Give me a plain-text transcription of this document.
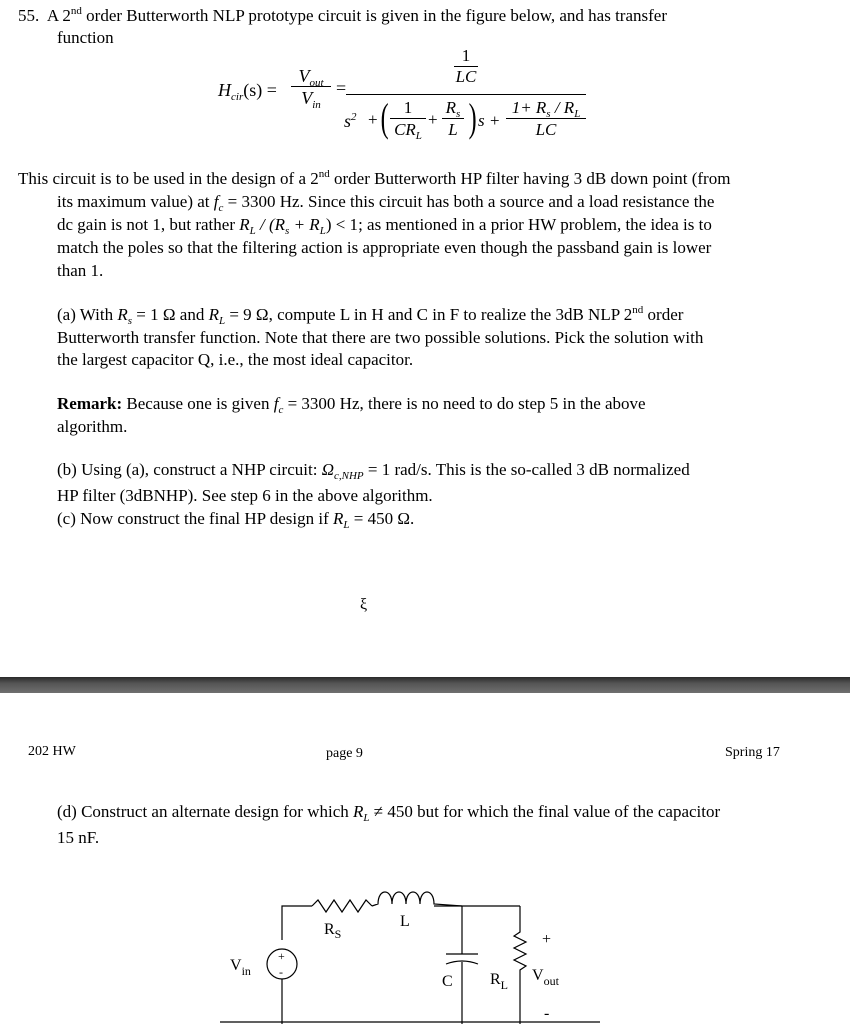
55. A 2nd order Butterworth NLP prototype circuit is given in the figure below, and has transfer
function
$H_{cir}(s)$ =
$V_{out}$
$V_{in}$
=
1
LC
$s^2$ + ( 1
$CR_L$
+ $\frac{R_s}{L}$ ) $s + \frac{1+ R_s / R_L}{LC}$
This circuit is to be used in the design of a 2nd order Butterworth HP filter having 3 dB down point (from
its maximum value) at $f_c = 3300$ Hz. Since this circuit has both a source and a load resistance the
dc gain is not 1, but rather $R_L / (R_s + R_L) < 1$; as mentioned in a prior HW problem, the idea is to
match the poles so that the filtering action is appropriate even though the passband gain is lower
than 1.
(a) With $R_s = 1$ Ω and $R_L = 9$ Ω, compute L in H and C in F to realize the 3dB NLP 2nd order
Butterworth transfer function. Note that there are two possible solutions. Pick the solution with
the largest capacitor Q, i.e., the most ideal capacitor.
Remark: Because one is given $f_c = 3300$ Hz, there is no need to do step 5 in the above
algorithm.
(b) Using (a), construct a NHP circuit: $\Omega_{c,NHP} = 1$ rad/s. This is the so-called 3 dB normalized
HP filter (3dBNHP). See step 6 in the above algorithm.
(c) Now construct the final HP design if $R_L = 450$ Ω.
ξ
202 HW	page 9	Spring 17
(d) Construct an alternate design for which $R_L \ne 450$ but for which the final value of the capacitor
15 nF.
+
-
$V_{in}$
$R_S$
L
C $R_L$
+
$V_{out}$
-
